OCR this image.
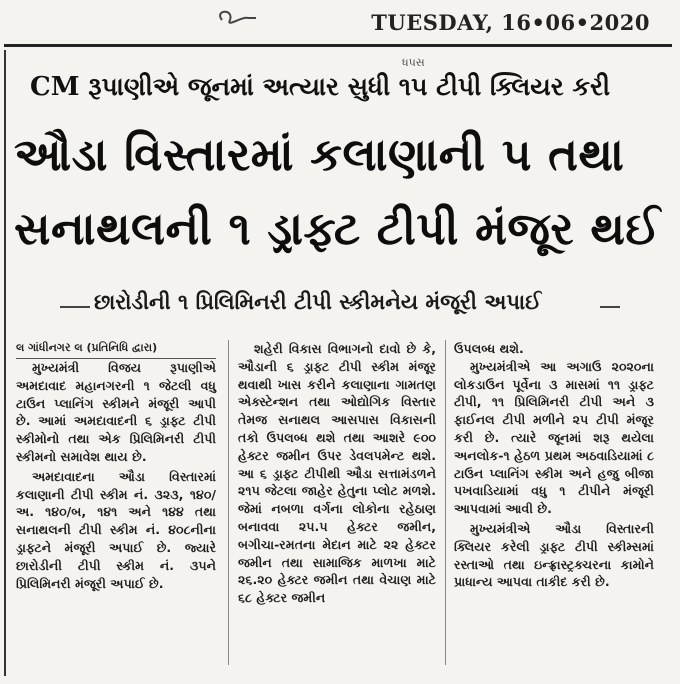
TUESDAY, 16•06•2020
ધપસ
CM રૂપાણીએ જૂનમાં અત્યાર સુધી ૧૫ ટીપી ક્લિયર કરી
ઔડા વિસ્તારમાં કલાણાની ૫ તથા
સનાથલની ૧ ડ્રાફ્ટ ટીપી મંજૂર થઈ
છારોડીની ૧ પ્રિલિમિનરી ટીપી સ્કીમનેય મંજૂરી અપાઈ

લ ગાંધીનગર લ (પ્રતિનિધિ દ્વારા)

મુખ્યમંત્રી વિજય રૂપાણીએ અમદાવાદ મહાનગરની ૧ જેટલી વધુ ટાઉન પ્લાનિંગ સ્કીમને મંજૂરી આપી છે. આમાં અમદાવાદની ૬ ડ્રાફ્ટ ટીપી સ્કીમોનો તથા એક પ્રિલિમિનરી ટીપી સ્કીમનો સમાવેશ થાય છે.

અમદાવાદના ઔડા વિસ્તારમાં કલાણાની ટીપી સ્કીમ નં. ૩૨૩, ૧૪૦/અ. ૧૪૦/બ, ૧૪૧ અને ૧૪૪ તથા સનાથલની ટીપી સ્કીમ નં. ૪૦૮નીના ડ્રાફ્ટને મંજૂરી અપાઈ છે. જ્યારે છારોડીની ટીપી સ્કીમ નં. ૩૫ને પ્રિલિમિનરી મંજૂરી અપાઈ છે.

શહેરી વિકાસ વિભાગનો દાવો છે કે, ઔડાની ૬ ડ્રાફ્ટ ટીપી સ્કીમ મંજૂર થવાથી ખાસ કરીને કલાણાના ગામતણ એક્સ્ટેન્શન તથા ઓદ્યોગિક વિસ્તાર તેમજ સનાથલ આસપાસ વિકાસની તકો ઉપલબ્ધ થશે તથા આશરે ૯૦૦ હેક્ટર જમીન ઉપર ડેવલપમેન્ટ થશે. આ ૬ ડ્રાફ્ટ ટીપીથી ઔડા સત્તામંડળને ૨૧૫ જેટલા જાહેર હેતુના પ્લોટ મળશે. જેમાં નબળા વર્ગના લોકોના રહેઠાણ બનાવવા ૨૫.૫ હેક્ટર જમીન, બગીચા-રમતના મેદાન માટે ૨૨ હેક્ટર જમીન તથા સામાજિક માળખા માટે ૨૬.૨૦ હેક્ટર જમીન તથા વેચાણ માટે ૬૮ હેક્ટર જમીન

ઉપલબ્ધ થશે.

મુખ્યમંત્રીએ આ અગાઉ ૨૦૨૦ના લોકડાઉન પૂર્વેના ૩ માસમાં ૧૧ ડ્રાફ્ટ ટીપી, ૧૧ પ્રિલિમિનરી ટીપી અને ૩ ફાઈનલ ટીપી મળીને ૨૫ ટીપી મંજૂર કરી છે. ત્યારે જૂનમાં શરૂ થયેલા અનલોક-૧ હેઠળ પ્રથમ અઠવાડિયામાં ૮ ટાઉન પ્લાનિંગ સ્કીમ અને હજુ બીજા પખવાડિયામાં વધુ ૧ ટીપીને મંજૂરી આપવામાં આવી છે.

મુખ્યમંત્રીએ ઔડા વિસ્તારની ક્લિયર કરેલી ડ્રાફ્ટ ટીપી સ્કીમ્સમાં રસ્તાઓ તથા ઇન્ફ્રાસ્ટ્રક્ચરના કામોને પ્રાધાન્ય આપવા તાકીદ કરી છે.
